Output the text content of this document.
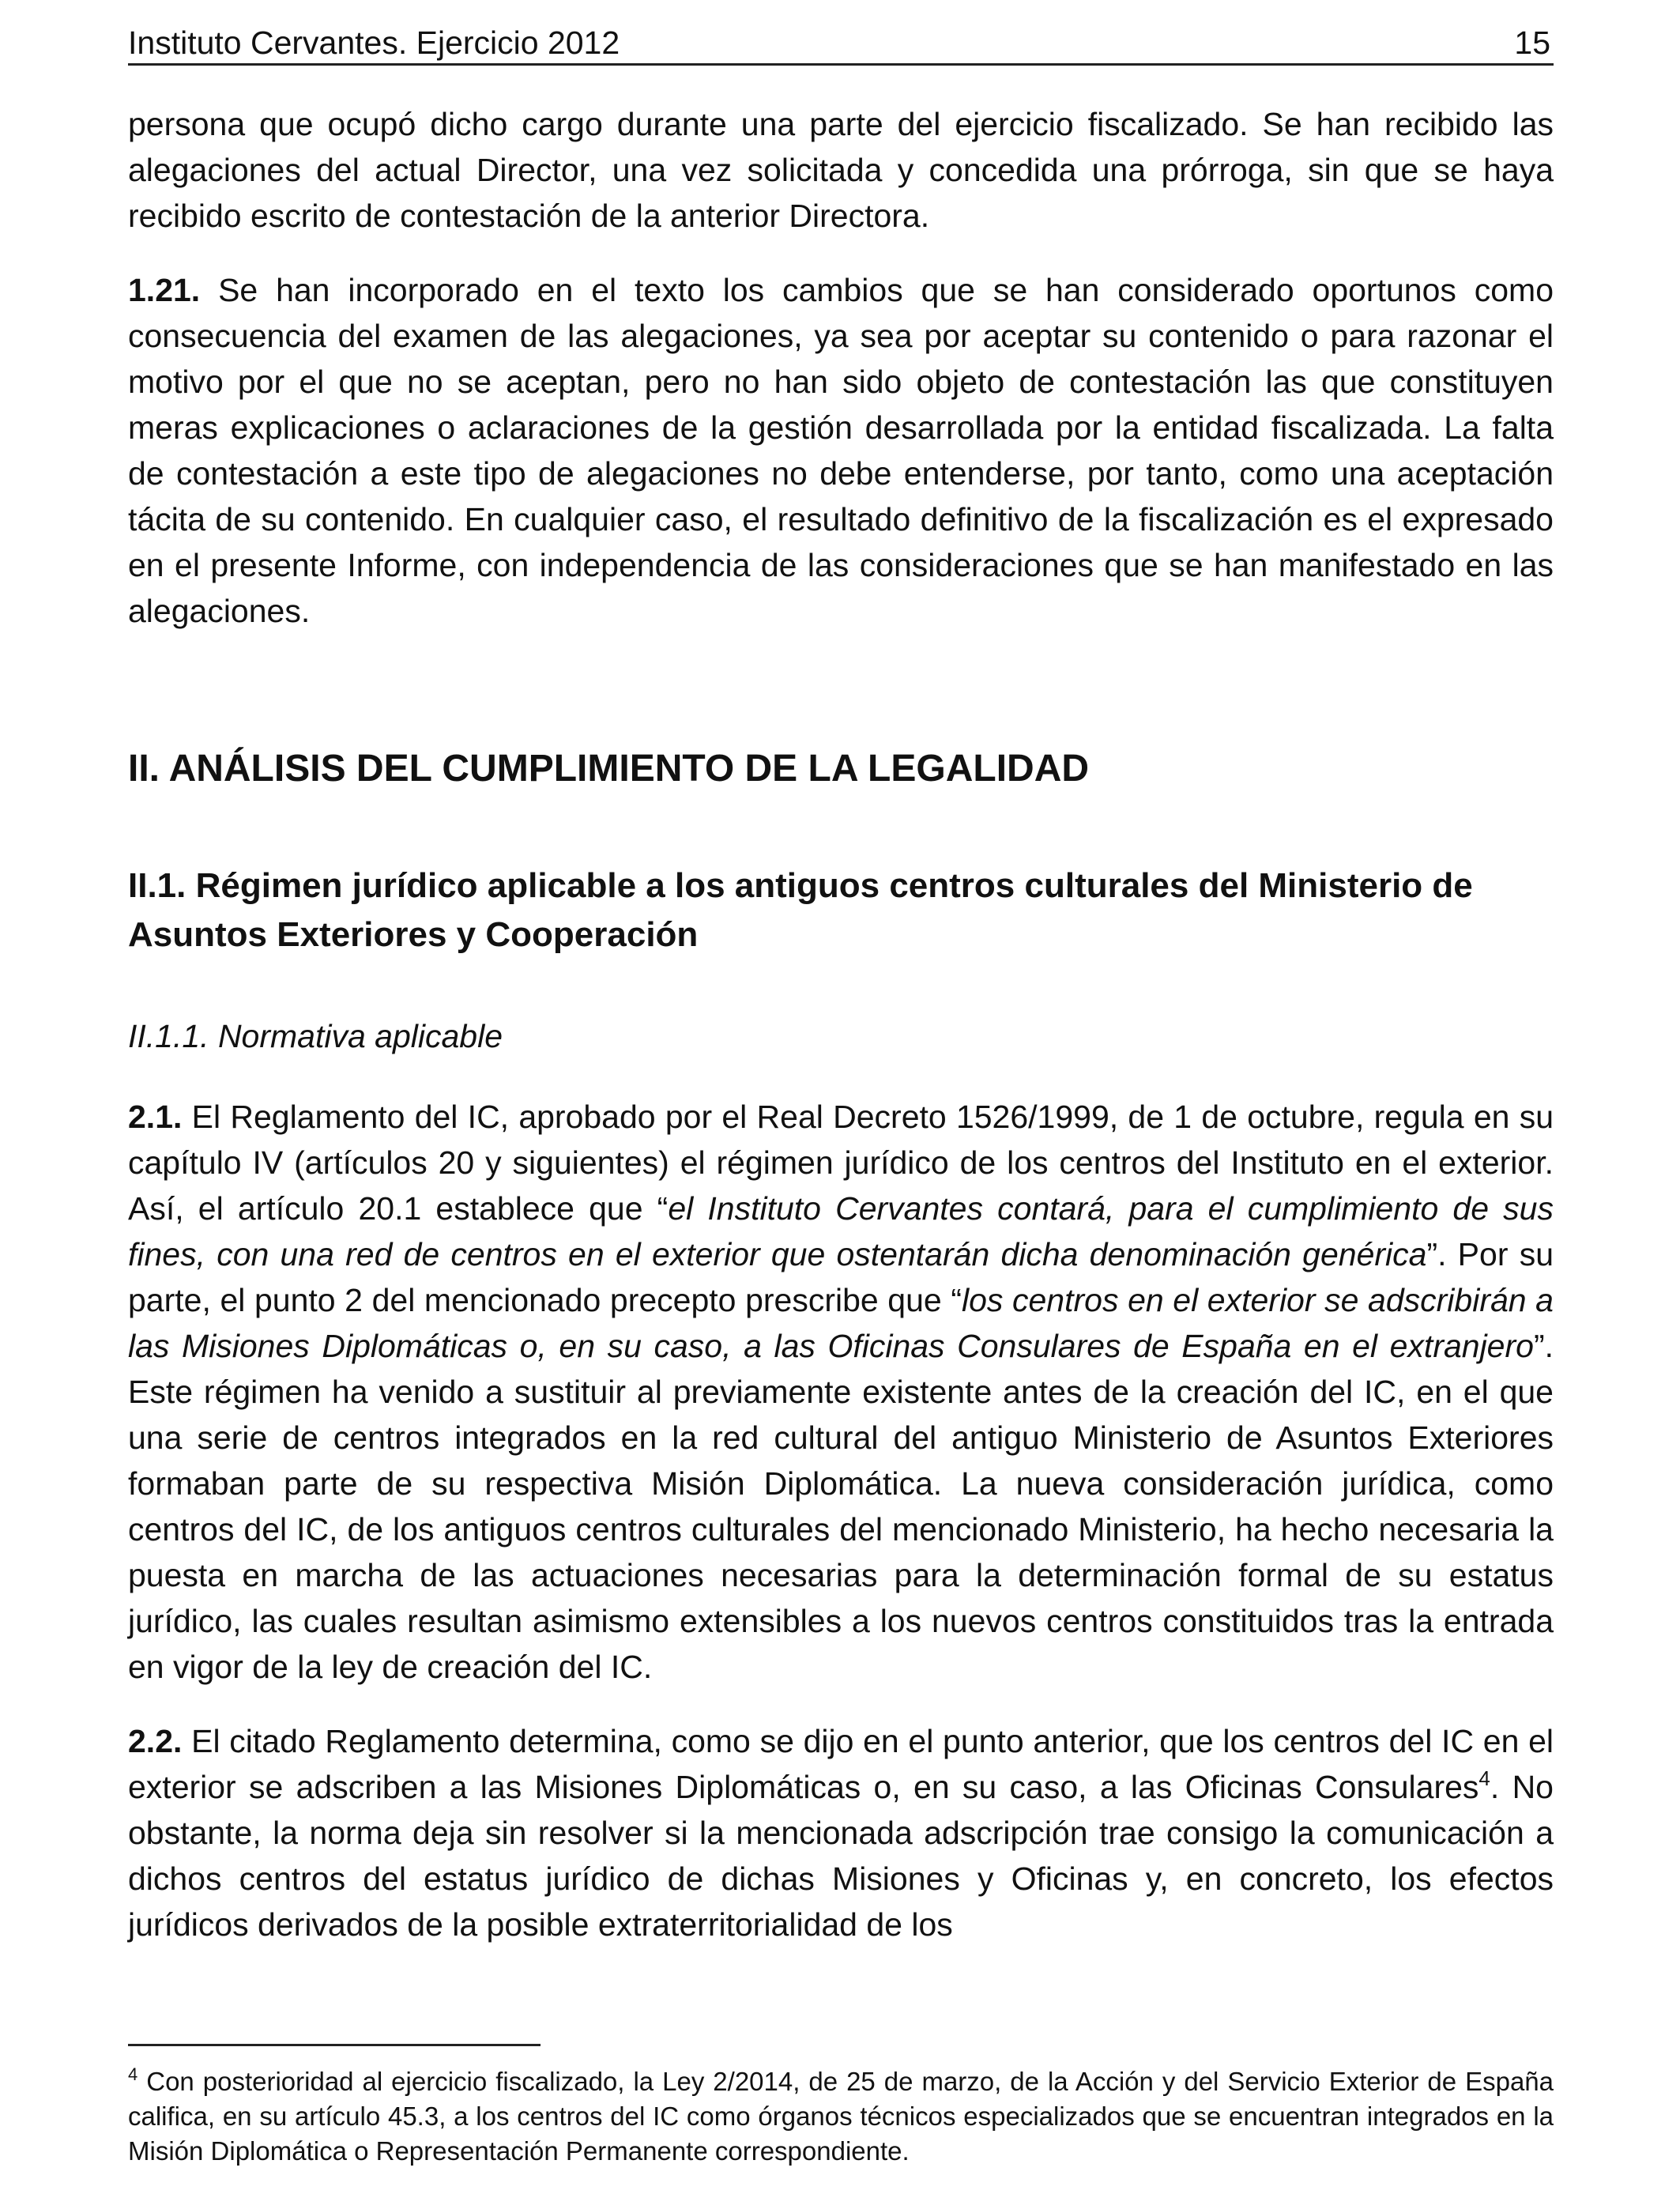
Instituto Cervantes. Ejercicio 2012	15

persona que ocupó dicho cargo durante una parte del ejercicio fiscalizado. Se han recibido las alegaciones del actual Director, una vez solicitada y concedida una prórroga, sin que se haya recibido escrito de contestación de la anterior Directora.

1.21. Se han incorporado en el texto los cambios que se han considerado oportunos como consecuencia del examen de las alegaciones, ya sea por aceptar su contenido o para razonar el motivo por el que no se aceptan, pero no han sido objeto de contestación las que constituyen meras explicaciones o aclaraciones de la gestión desarrollada por la entidad fiscalizada. La falta de contestación a este tipo de alegaciones no debe entenderse, por tanto, como una aceptación tácita de su contenido. En cualquier caso, el resultado definitivo de la fiscalización es el expresado en el presente Informe, con independencia de las consideraciones que se han manifestado en las alegaciones.

II. ANÁLISIS DEL CUMPLIMIENTO DE LA LEGALIDAD

II.1. Régimen jurídico aplicable a los antiguos centros culturales del Ministerio de Asuntos Exteriores y Cooperación

II.1.1. Normativa aplicable

2.1. El Reglamento del IC, aprobado por el Real Decreto 1526/1999, de 1 de octubre, regula en su capítulo IV (artículos 20 y siguientes) el régimen jurídico de los centros del Instituto en el exterior. Así, el artículo 20.1 establece que “el Instituto Cervantes contará, para el cumplimiento de sus fines, con una red de centros en el exterior que ostentarán dicha denominación genérica”. Por su parte, el punto 2 del mencionado precepto prescribe que “los centros en el exterior se adscribirán a las Misiones Diplomáticas o, en su caso, a las Oficinas Consulares de España en el extranjero”. Este régimen ha venido a sustituir al previamente existente antes de la creación del IC, en el que una serie de centros integrados en la red cultural del antiguo Ministerio de Asuntos Exteriores formaban parte de su respectiva Misión Diplomática. La nueva consideración jurídica, como centros del IC, de los antiguos centros culturales del mencionado Ministerio, ha hecho necesaria la puesta en marcha de las actuaciones necesarias para la determinación formal de su estatus jurídico, las cuales resultan asimismo extensibles a los nuevos centros constituidos tras la entrada en vigor de la ley de creación del IC.

2.2. El citado Reglamento determina, como se dijo en el punto anterior, que los centros del IC en el exterior se adscriben a las Misiones Diplomáticas o, en su caso, a las Oficinas Consulares$^4$. No obstante, la norma deja sin resolver si la mencionada adscripción trae consigo la comunicación a dichos centros del estatus jurídico de dichas Misiones y Oficinas y, en concreto, los efectos jurídicos derivados de la posible extraterritorialidad de los

$^4$ Con posterioridad al ejercicio fiscalizado, la Ley 2/2014, de 25 de marzo, de la Acción y del Servicio Exterior de España califica, en su artículo 45.3, a los centros del IC como órganos técnicos especializados que se encuentran integrados en la Misión Diplomática o Representación Permanente correspondiente.
